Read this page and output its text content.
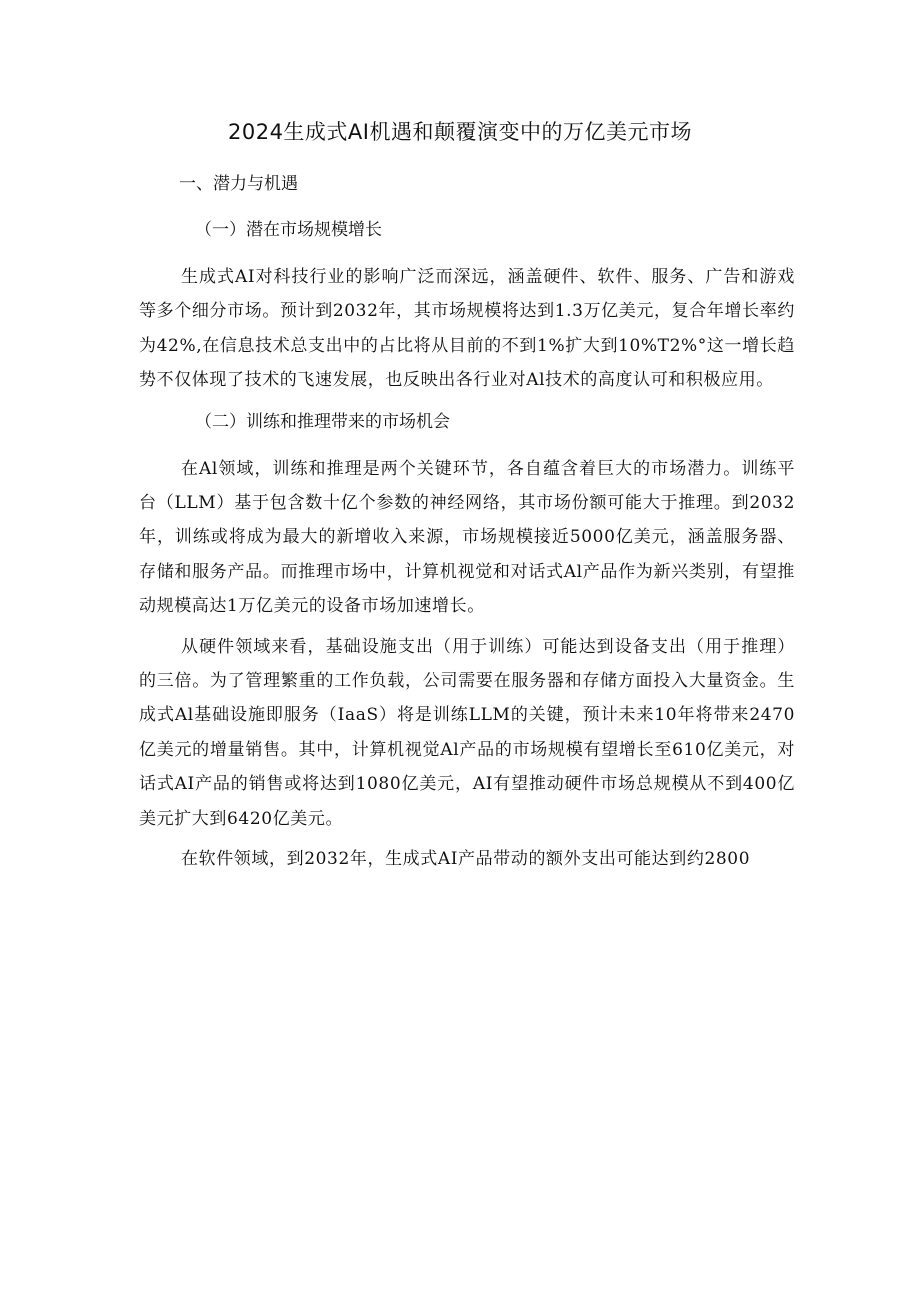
2024生成式AI机遇和颠覆演变中的万亿美元市场
一、潜力与机遇
（一）潜在市场规模增长

生成式AI对科技行业的影响广泛而深远，涵盖硬件、软件、服务、广告和游戏等多个细分市场。预计到2032年，其市场规模将达到1.3万亿美元，复合年增长率约为42%,在信息技术总支出中的占比将从目前的不到1%扩大到10%T2%°这一增长趋势不仅体现了技术的飞速发展，也反映出各行业对Al技术的高度认可和积极应用。

（二）训练和推理带来的市场机会

在Al领域，训练和推理是两个关键环节，各自蕴含着巨大的市场潜力。训练平台（LLM）基于包含数十亿个参数的神经网络，其市场份额可能大于推理。到2032年，训练或将成为最大的新增收入来源，市场规模接近5000亿美元，涵盖服务器、存储和服务产品。而推理市场中，计算机视觉和对话式Al产品作为新兴类别，有望推动规模高达1万亿美元的设备市场加速增长。

从硬件领域来看，基础设施支出（用于训练）可能达到设备支出（用于推理）的三倍。为了管理繁重的工作负载，公司需要在服务器和存储方面投入大量资金。生成式Al基础设施即服务（IaaS）将是训练LLM的关键，预计未来10年将带来2470亿美元的增量销售。其中，计算机视觉Al产品的市场规模有望增长至610亿美元，对话式AI产品的销售或将达到1080亿美元，AI有望推动硬件市场总规模从不到400亿美元扩大到6420亿美元。

在软件领域，到2032年，生成式AI产品带动的额外支出可能达到约2800
